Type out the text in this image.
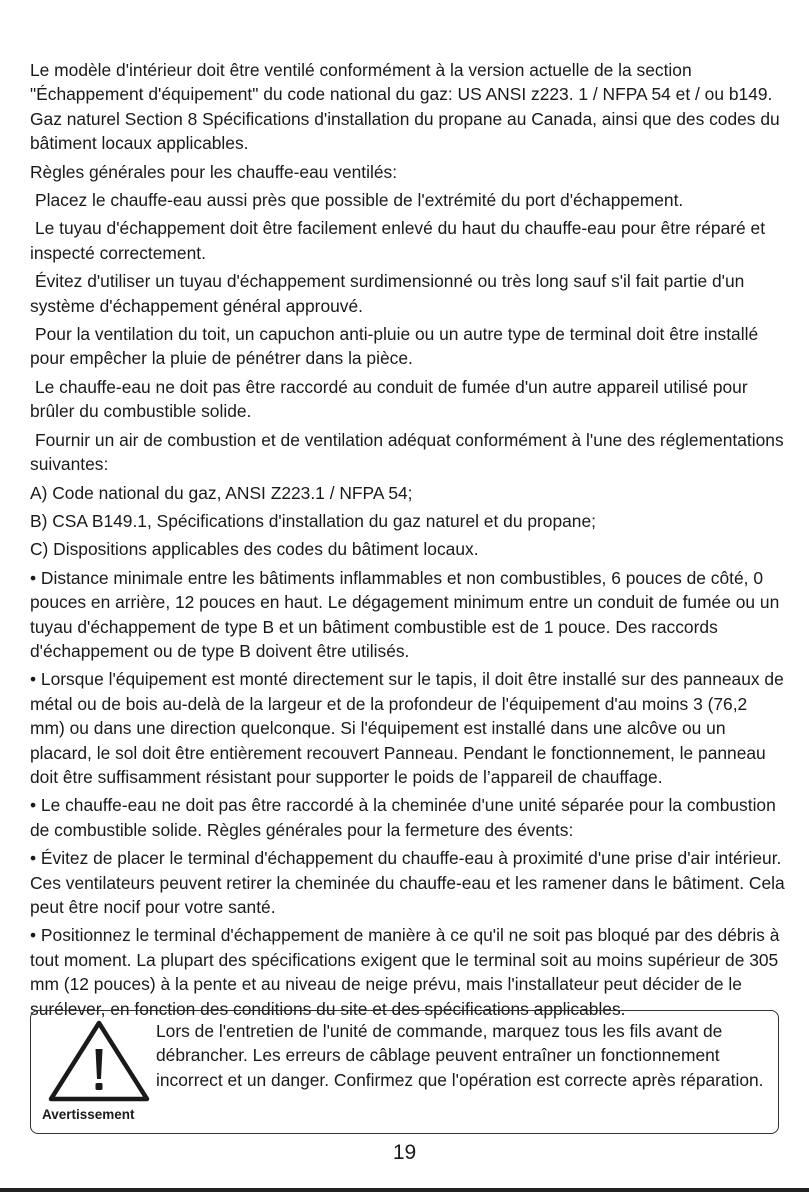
Le modèle d'intérieur doit être ventilé conformément à la version actuelle de la section "Échappement d'équipement" du code national du gaz: US ANSI z223. 1 / NFPA 54 et / ou b149. Gaz naturel Section 8 Spécifications d'installation du propane au Canada, ainsi que des codes du bâtiment locaux applicables.

Règles générales pour les chauffe-eau ventilés:

Placez le chauffe-eau aussi près que possible de l'extrémité du port d'échappement.

Le tuyau d'échappement doit être facilement enlevé du haut du chauffe-eau pour être réparé et inspecté correctement.

Évitez d'utiliser un tuyau d'échappement surdimensionné ou très long sauf s'il fait partie d'un système d'échappement général approuvé.

Pour la ventilation du toit, un capuchon anti-pluie ou un autre type de terminal doit être installé pour empêcher la pluie de pénétrer dans la pièce.

Le chauffe-eau ne doit pas être raccordé au conduit de fumée d'un autre appareil utilisé pour brûler du combustible solide.

Fournir un air de combustion et de ventilation adéquat conformément à l'une des réglementations suivantes:

A) Code national du gaz, ANSI Z223.1 / NFPA 54;

B) CSA B149.1, Spécifications d'installation du gaz naturel et du propane;

C) Dispositions applicables des codes du bâtiment locaux.

• Distance minimale entre les bâtiments inflammables et non combustibles, 6 pouces de côté, 0 pouces en arrière, 12 pouces en haut. Le dégagement minimum entre un conduit de fumée ou un tuyau d'échappement de type B et un bâtiment combustible est de 1 pouce. Des raccords d'échappement ou de type B doivent être utilisés.

• Lorsque l'équipement est monté directement sur le tapis, il doit être installé sur des panneaux de métal ou de bois au-delà de la largeur et de la profondeur de l'équipement d'au moins 3 (76,2 mm) ou dans une direction quelconque. Si l'équipement est installé dans une alcôve ou un placard, le sol doit être entièrement recouvert Panneau. Pendant le fonctionnement, le panneau doit être suffisamment résistant pour supporter le poids de l’appareil de chauffage.

• Le chauffe-eau ne doit pas être raccordé à la cheminée d'une unité séparée pour la combustion de combustible solide. Règles générales pour la fermeture des évents:

• Évitez de placer le terminal d'échappement du chauffe-eau à proximité d'une prise d'air intérieur. Ces ventilateurs peuvent retirer la cheminée du chauffe-eau et les ramener dans le bâtiment. Cela peut être nocif pour votre santé.

• Positionnez le terminal d'échappement de manière à ce qu'il ne soit pas bloqué par des débris à tout moment. La plupart des spécifications exigent que le terminal soit au moins supérieur de 305 mm (12 pouces) à la pente et au niveau de neige prévu, mais l'installateur peut décider de le surélever, en fonction des conditions du site et des spécifications applicables.

Avertissement
Lors de l'entretien de l'unité de commande, marquez tous les fils avant de débrancher. Les erreurs de câblage peuvent entraîner un fonctionnement incorrect et un danger. Confirmez que l'opération est correcte après réparation.
19
